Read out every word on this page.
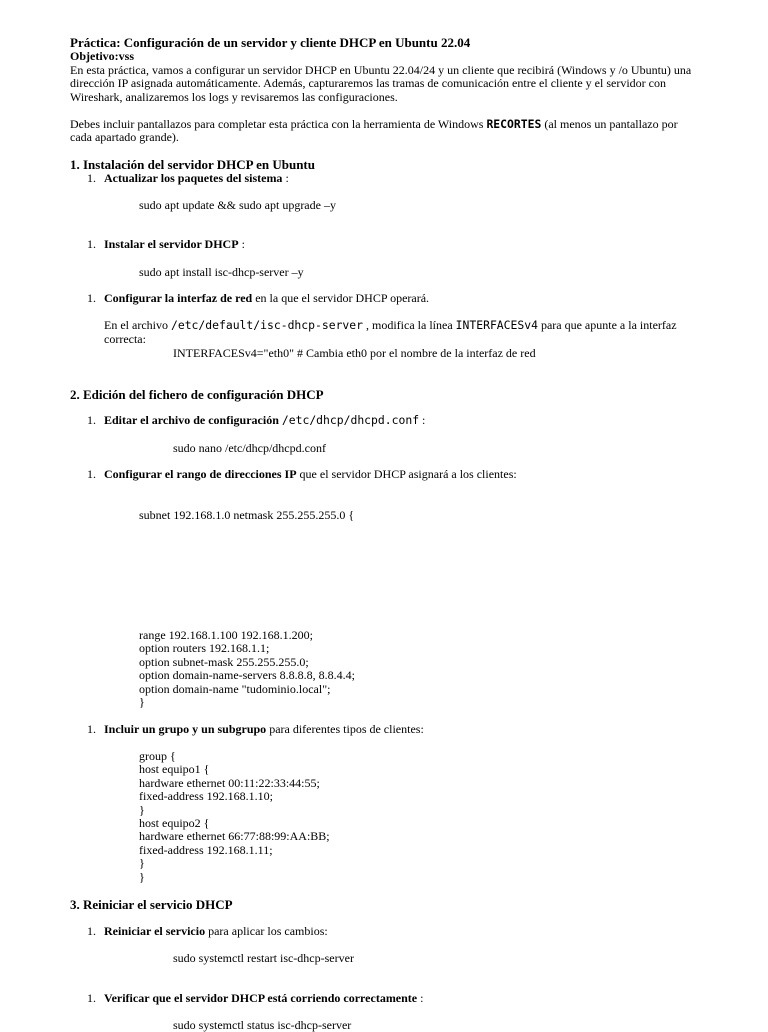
Práctica: Configuración de un servidor y cliente DHCP en Ubuntu 22.04
Objetivo:vss
En esta práctica, vamos a configurar un servidor DHCP en Ubuntu 22.04/24 y un cliente que recibirá (Windows y /o Ubuntu) una dirección IP asignada automáticamente. Además, capturaremos las tramas de comunicación entre el cliente y el servidor con Wireshark, analizaremos los logs y revisaremos las configuraciones.
Debes incluir pantallazos para completar esta práctica con la herramienta de Windows RECORTES (al menos un pantallazo por cada apartado grande).
1. Instalación del servidor DHCP en Ubuntu
1. Actualizar los paquetes del sistema :
sudo apt update && sudo apt upgrade –y
1. Instalar el servidor DHCP :
sudo apt install isc-dhcp-server –y
1. Configurar la interfaz de red en la que el servidor DHCP operará.
En el archivo /etc/default/isc-dhcp-server , modifica la línea INTERFACESv4 para que apunte a la interfaz
correcta:
INTERFACESv4="eth0" # Cambia eth0 por el nombre de la interfaz de red
2. Edición del fichero de configuración DHCP
1. Editar el archivo de configuración /etc/dhcp/dhcpd.conf :
sudo nano /etc/dhcp/dhcpd.conf
1. Configurar el rango de direcciones IP que el servidor DHCP asignará a los clientes:
subnet 192.168.1.0 netmask 255.255.255.0 {
range 192.168.1.100 192.168.1.200;
option routers 192.168.1.1;
option subnet-mask 255.255.255.0;
option domain-name-servers 8.8.8.8, 8.8.4.4;
option domain-name "tudominio.local";
}
1. Incluir un grupo y un subgrupo para diferentes tipos de clientes:
group {
host equipo1 {
hardware ethernet 00:11:22:33:44:55;
fixed-address 192.168.1.10;
}
host equipo2 {
hardware ethernet 66:77:88:99:AA:BB;
fixed-address 192.168.1.11;
}
}
3. Reiniciar el servicio DHCP
1. Reiniciar el servicio para aplicar los cambios:
sudo systemctl restart isc-dhcp-server
1. Verificar que el servidor DHCP está corriendo correctamente :
sudo systemctl status isc-dhcp-server
